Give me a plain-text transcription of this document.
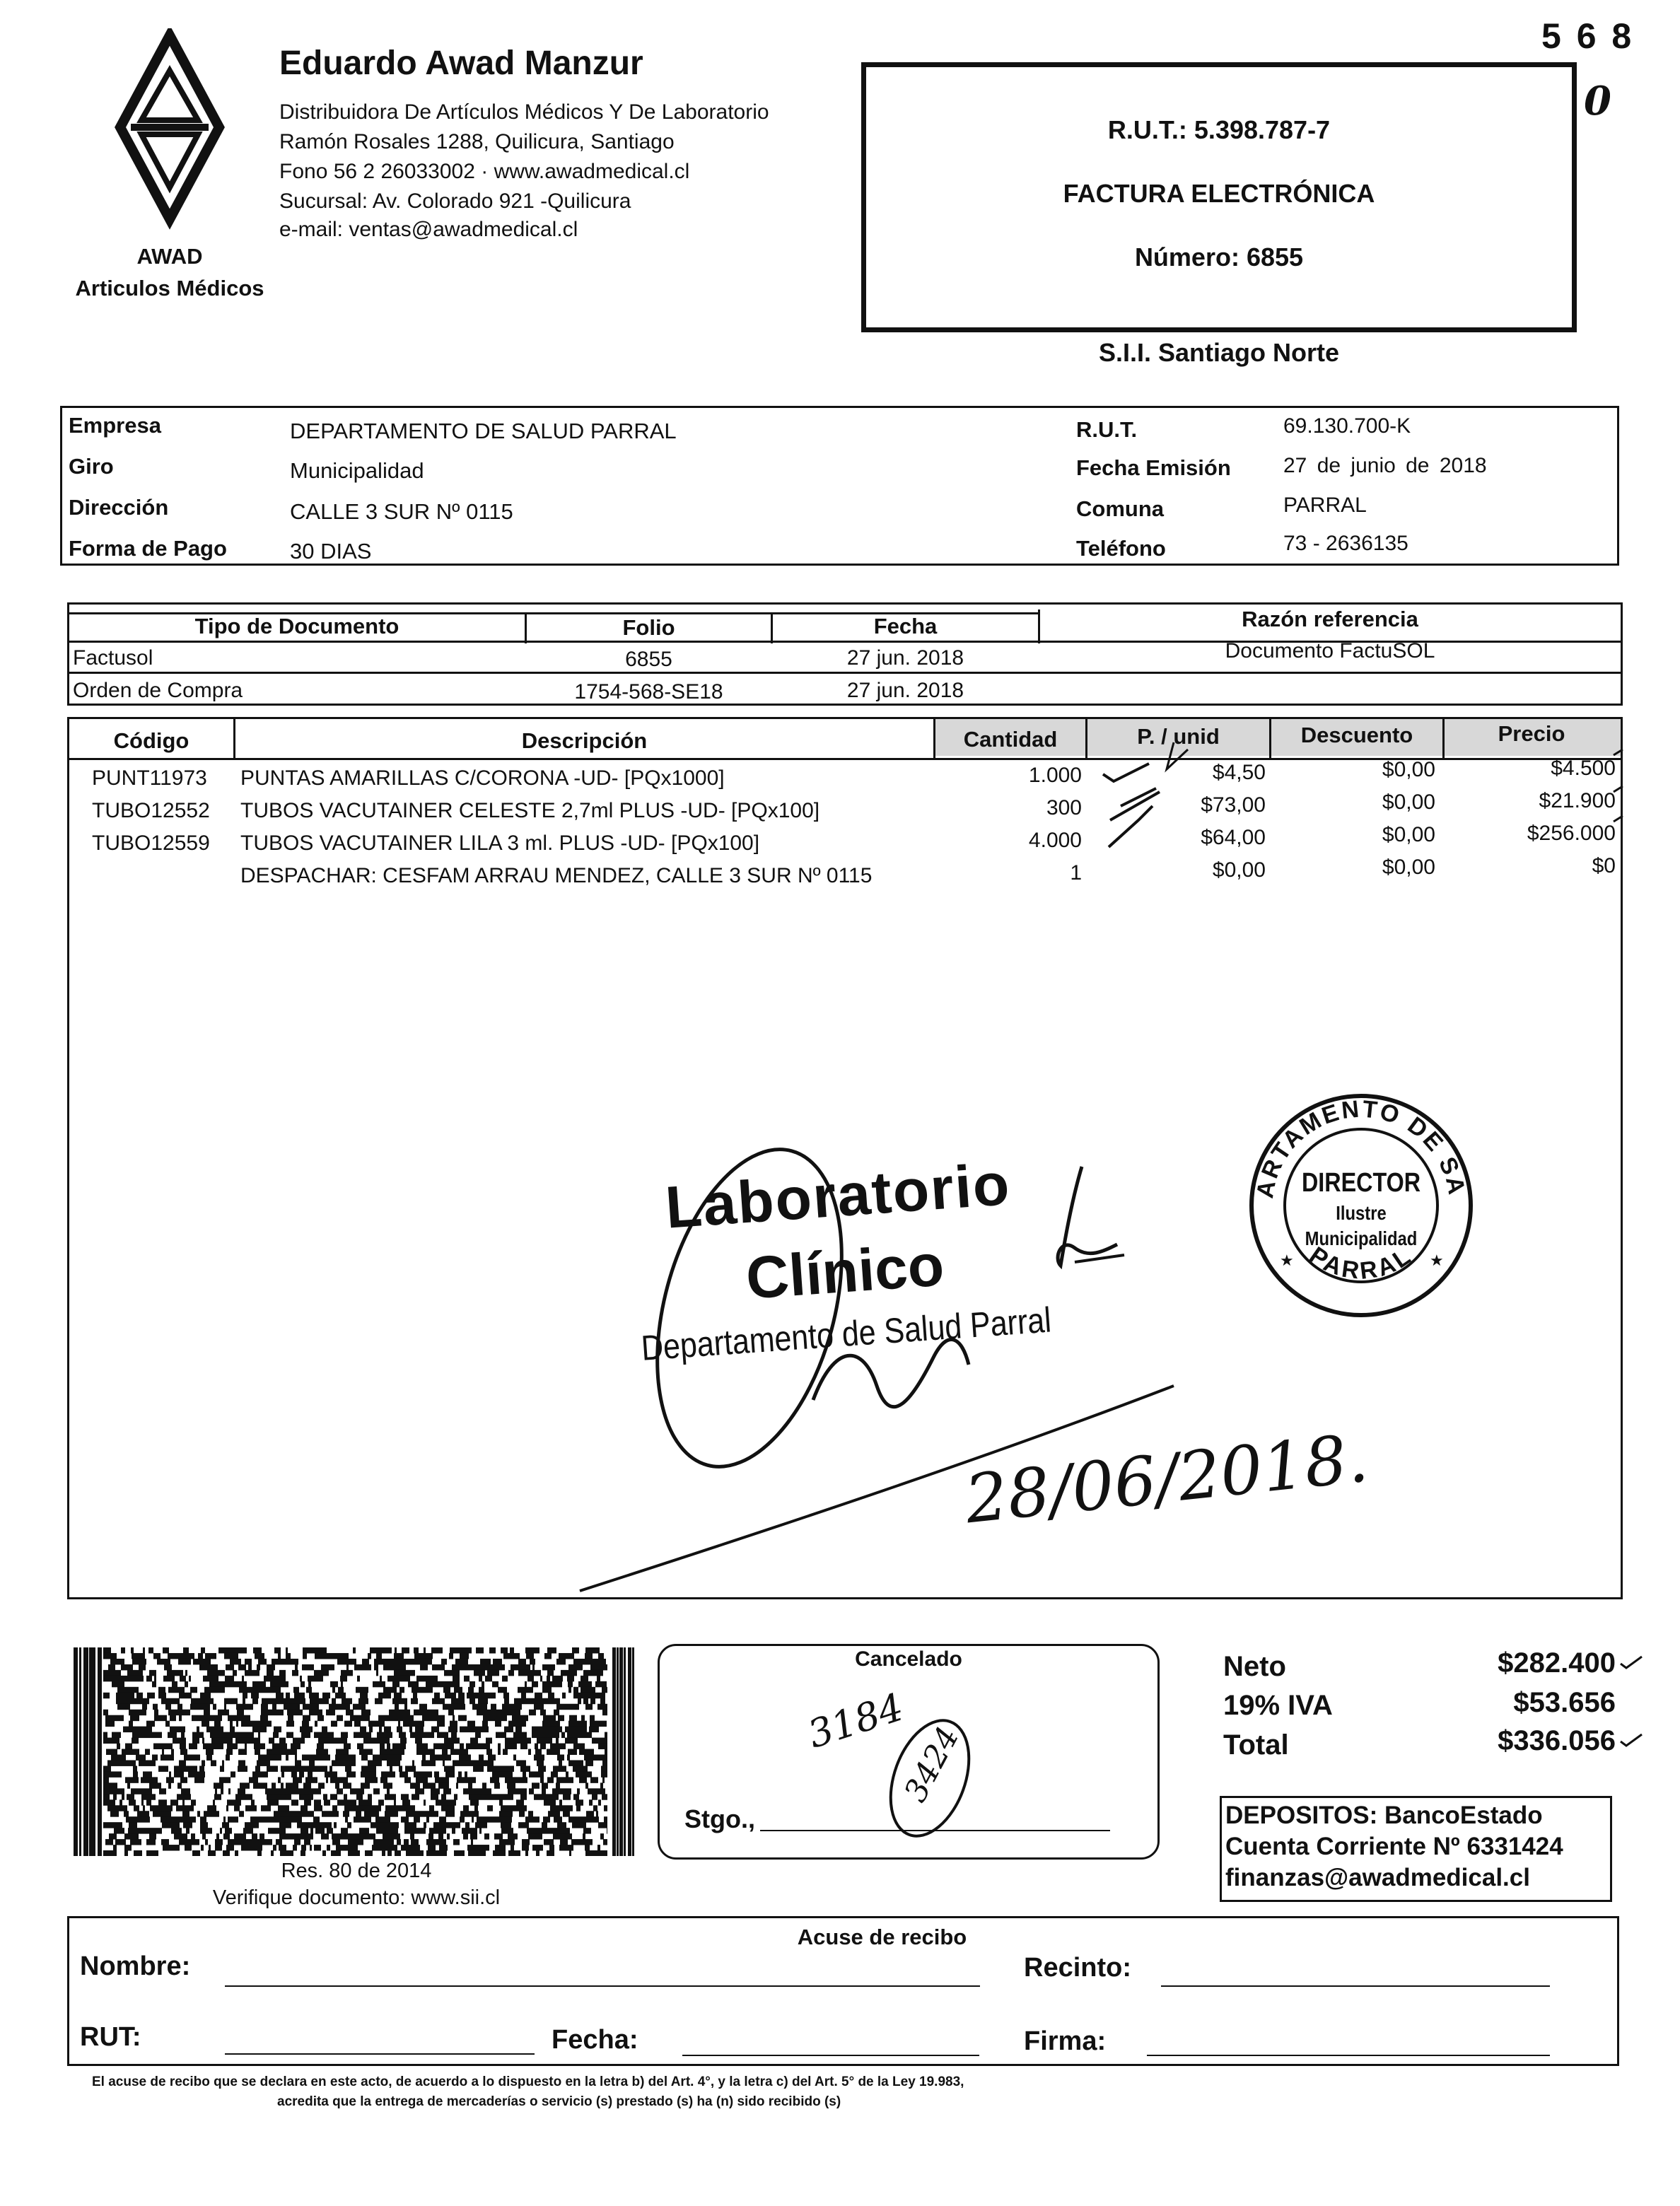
5 6 8
0
AWAD
Articulos Médicos
Eduardo Awad Manzur
Distribuidora De Artículos Médicos Y De Laboratorio
Ramón Rosales 1288, Quilicura, Santiago
Fono 56 2 26033002 · www.awadmedical.cl
Sucursal: Av. Colorado 921 -Quilicura
e-mail: ventas@awadmedical.cl
R.U.T.: 5.398.787-7
FACTURA ELECTRÓNICA
Número: 6855
S.I.I. Santiago Norte
Empresa	DEPARTAMENTO DE SALUD PARRAL
Giro	Municipalidad
Dirección	CALLE 3 SUR Nº 0115
Forma de Pago	30 DIAS
R.U.T.	69.130.700-K
Fecha Emisión 27 de junio de 2018
Comuna	PARRAL
Teléfono	73 - 2636135
Tipo de Documento	Folio	Fecha	Razón referencia
Factusol	6855	27 jun. 2018	Documento FactuSOL
Orden de Compra	1754-568-SE18	27 jun. 2018
Código	Descripción	Cantidad	P. / unid	Descuento	Precio
PUNT11973 PUNTAS AMARILLAS C/CORONA -UD- [PQx1000]	1.000	$4,50	$0,00	$4.500
TUBO12552 TUBOS VACUTAINER CELESTE 2,7ml PLUS -UD- [PQx100]	300	$73,00	$0,00	$21.900
TUBO12559 TUBOS VACUTAINER LILA 3 ml. PLUS -UD- [PQx100]	4.000	$64,00	$0,00	$256.000
DESPACHAR: CESFAM ARRAU MENDEZ, CALLE 3 SUR Nº 0115	1	$0,00	$0,00	$0
Laboratorio
Clínico
Departamento de Salud Parral
28/06/2018.
ARTAMENTO DE SA
PARRAL
★	★
DIRECTOR
Ilustre
Municipalidad
Res. 80 de 2014
Verifique documento: www.sii.cl
Cancelado
3184
3424
Stgo.,
Neto	$282.400
19% IVA	$53.656
Total	$336.056
DEPOSITOS: BancoEstado
Cuenta Corriente Nº 6331424
finanzas@awadmedical.cl
Acuse de recibo
Nombre:	Recinto:
RUT:	Fecha:	Firma:
El acuse de recibo que se declara en este acto, de acuerdo a lo dispuesto en la letra b) del Art. 4°, y la letra c) del Art. 5° de la Ley 19.983,
acredita que la entrega de mercaderías o servicio (s) prestado (s) ha (n) sido recibido (s)
